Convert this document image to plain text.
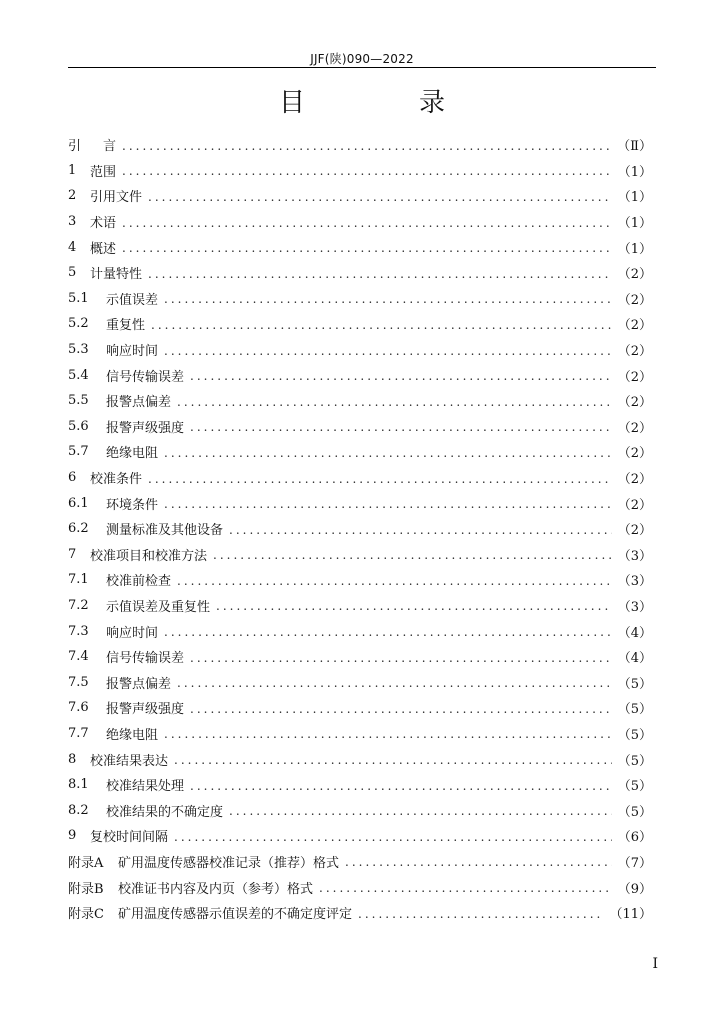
JJF(陕)090—2022
目　录
引 　言 .....	（Ⅱ）
1	范围 .....	（1）
2	引用文件 .....	（1）
3	术语 .....	（1）
4	概述 .....	（1）
5	计量特性 .....	（2）
5.1	示值误差 .....	（2）
5.2	重复性 .....	（2）
5.3	响应时间 .....	（2）
5.4	信号传输误差 .....	（2）
5.5	报警点偏差 .....	（2）
5.6	报警声级强度 .....	（2）
5.7	绝缘电阻 .....	（2）
6	校准条件 .....	（2）
6.1	环境条件 .....	（2）
6.2	测量标准及其他设备 .....	（2）
7	校准项目和校准方法 .....	（3）
7.1	校准前检查 .....	（3）
7.2	示值误差及重复性 .....	（3）
7.3	响应时间 .....	（4）
7.4	信号传输误差 .....	（4）
7.5	报警点偏差 .....	（5）
7.6	报警声级强度 .....	（5）
7.7	绝缘电阻 .....	（5）
8	校准结果表达 .....	（5）
8.1	校准结果处理 .....	（5）
8.2	校准结果的不确定度 .....	（5）
9	复校时间间隔 .....	（6）
附录A	矿用温度传感器校准记录（推荐）格式 .....	（7）
附录B	校准证书内容及内页（参考）格式 .....	（9）
附录C	矿用温度传感器示值误差的不确定度评定 .....	（11）
Ⅰ
